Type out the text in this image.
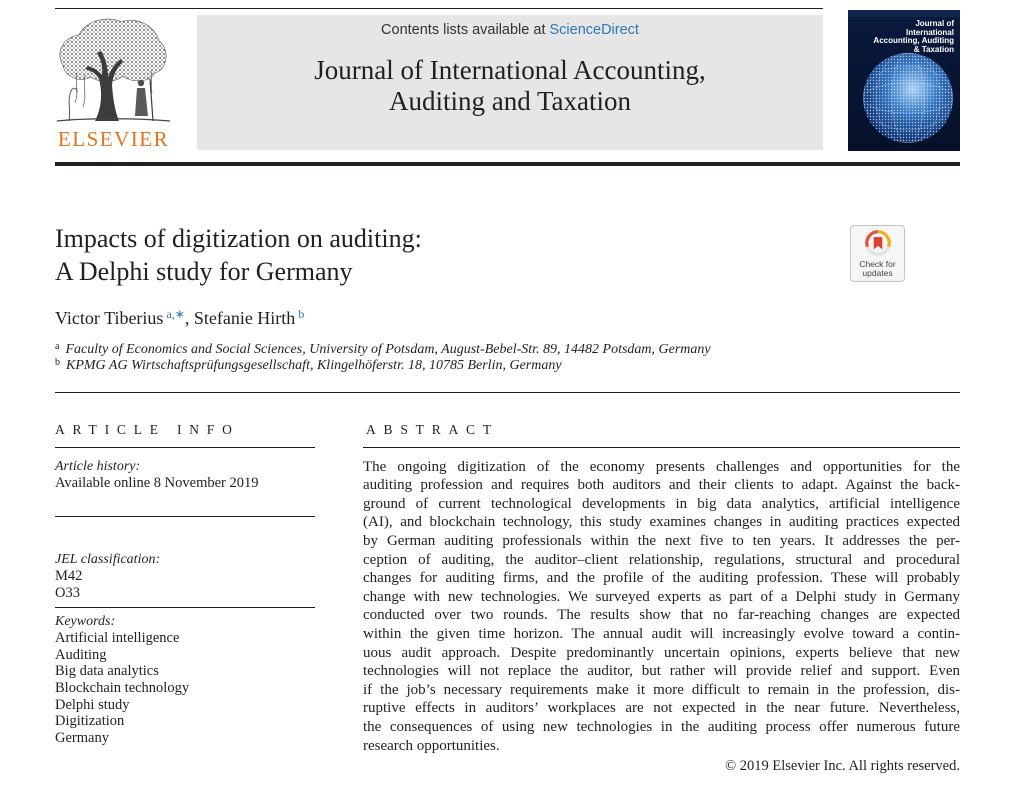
ELSEVIER
Contents lists available at ScienceDirect
Journal of International Accounting,
Auditing and Taxation
Journal of
International
Accounting, Auditing
& Taxation
Impacts of digitization on auditing:
A Delphi study for Germany	Check for
updates
Victor Tiberius $^{a,∗}$, Stefanie Hirth $^b$
$^a$ Faculty of Economics and Social Sciences, University of Potsdam, August-Bebel-Str. 89, 14482 Potsdam, Germany
$^b$ KPMG AG Wirtschaftsprüfungsgesellschaft, Klingelhöferstr. 18, 10785 Berlin, Germany
ARTICLE INFO
Article history:
Available online 8 November 2019
JEL classification:
M42
O33
Keywords:
Artificial intelligence
Auditing
Big data analytics
Blockchain technology
Delphi study
Digitization
Germany
ABSTRACT
The ongoing digitization of the economy presents challenges and opportunities for the
auditing profession and requires both auditors and their clients to adapt. Against the back-
ground of current technological developments in big data analytics, artificial intelligence
(AI), and blockchain technology, this study examines changes in auditing practices expected
by German auditing professionals within the next five to ten years. It addresses the per-
ception of auditing, the auditor–client relationship, regulations, structural and procedural
changes for auditing firms, and the profile of the auditing profession. These will probably
change with new technologies. We surveyed experts as part of a Delphi study in Germany
conducted over two rounds. The results show that no far-reaching changes are expected
within the given time horizon. The annual audit will increasingly evolve toward a contin-
uous audit approach. Despite predominantly uncertain opinions, experts believe that new
technologies will not replace the auditor, but rather will provide relief and support. Even
if the job’s necessary requirements make it more difficult to remain in the profession, dis-
ruptive effects in auditors’ workplaces are not expected in the near future. Nevertheless,
the consequences of using new technologies in the auditing process offer numerous future
research opportunities.
© 2019 Elsevier Inc. All rights reserved.
